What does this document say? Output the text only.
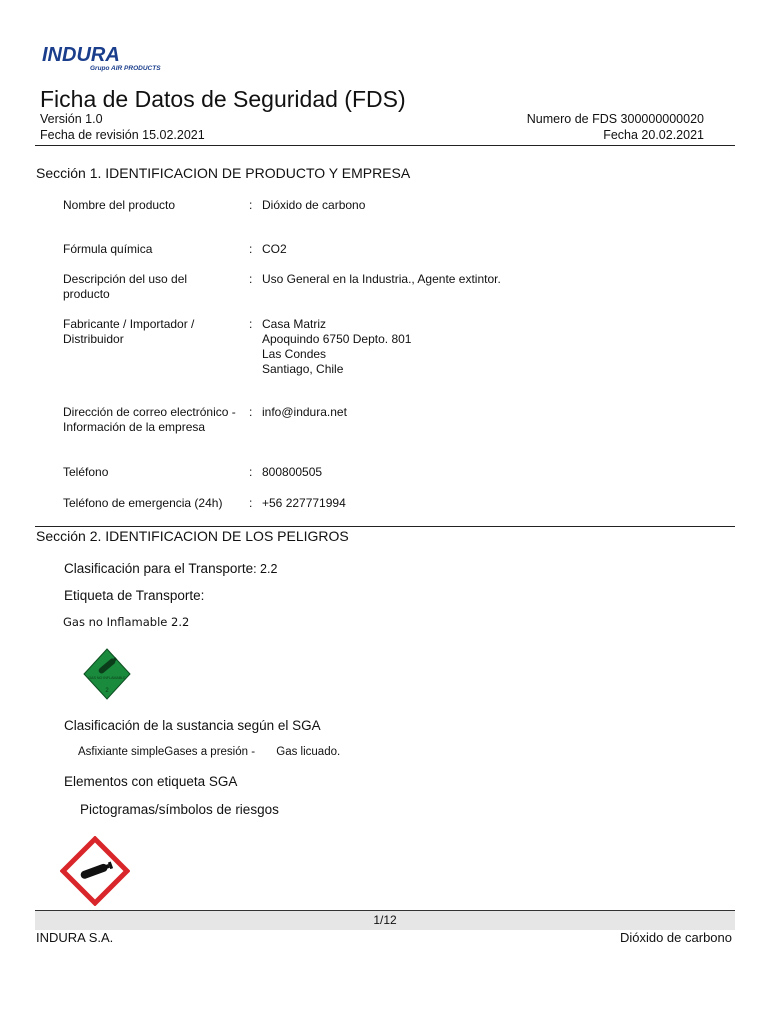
INDURA
Grupo AIR PRODUCTS
Ficha de Datos de Seguridad (FDS)
Versión 1.0
Fecha de revisión 15.02.2021
Numero de FDS 300000000020
Fecha 20.02.2021
Sección 1. IDENTIFICACION DE PRODUCTO Y EMPRESA
Nombre del producto	: Dióxido de carbono
Fórmula química	: CO2
Descripción del uso del producto
: Uso General en la Industria., Agente extintor.
Fabricante / Importador / Distribuidor
: Casa Matriz
Apoquindo 6750 Depto. 801
Las Condes
Santiago, Chile
Dirección de correo electrónico - Información de la empresa
: info@indura.net
Teléfono	: 800800505
Teléfono de emergencia (24h)	: +56 227771994
Sección 2. IDENTIFICACION DE LOS PELIGROS
Clasificación para el Transporte: 2.2
Etiqueta de Transporte:
Gas no Inflamable 2.2
GAS NO INFLAMABLE
2
Clasificación de la sustancia según el SGA
Asfixiante simpleGases a presión - Gas licuado.
Elementos con etiqueta SGA
Pictogramas/símbolos de riesgos
1/12
INDURA S.A.	Dióxido de carbono
